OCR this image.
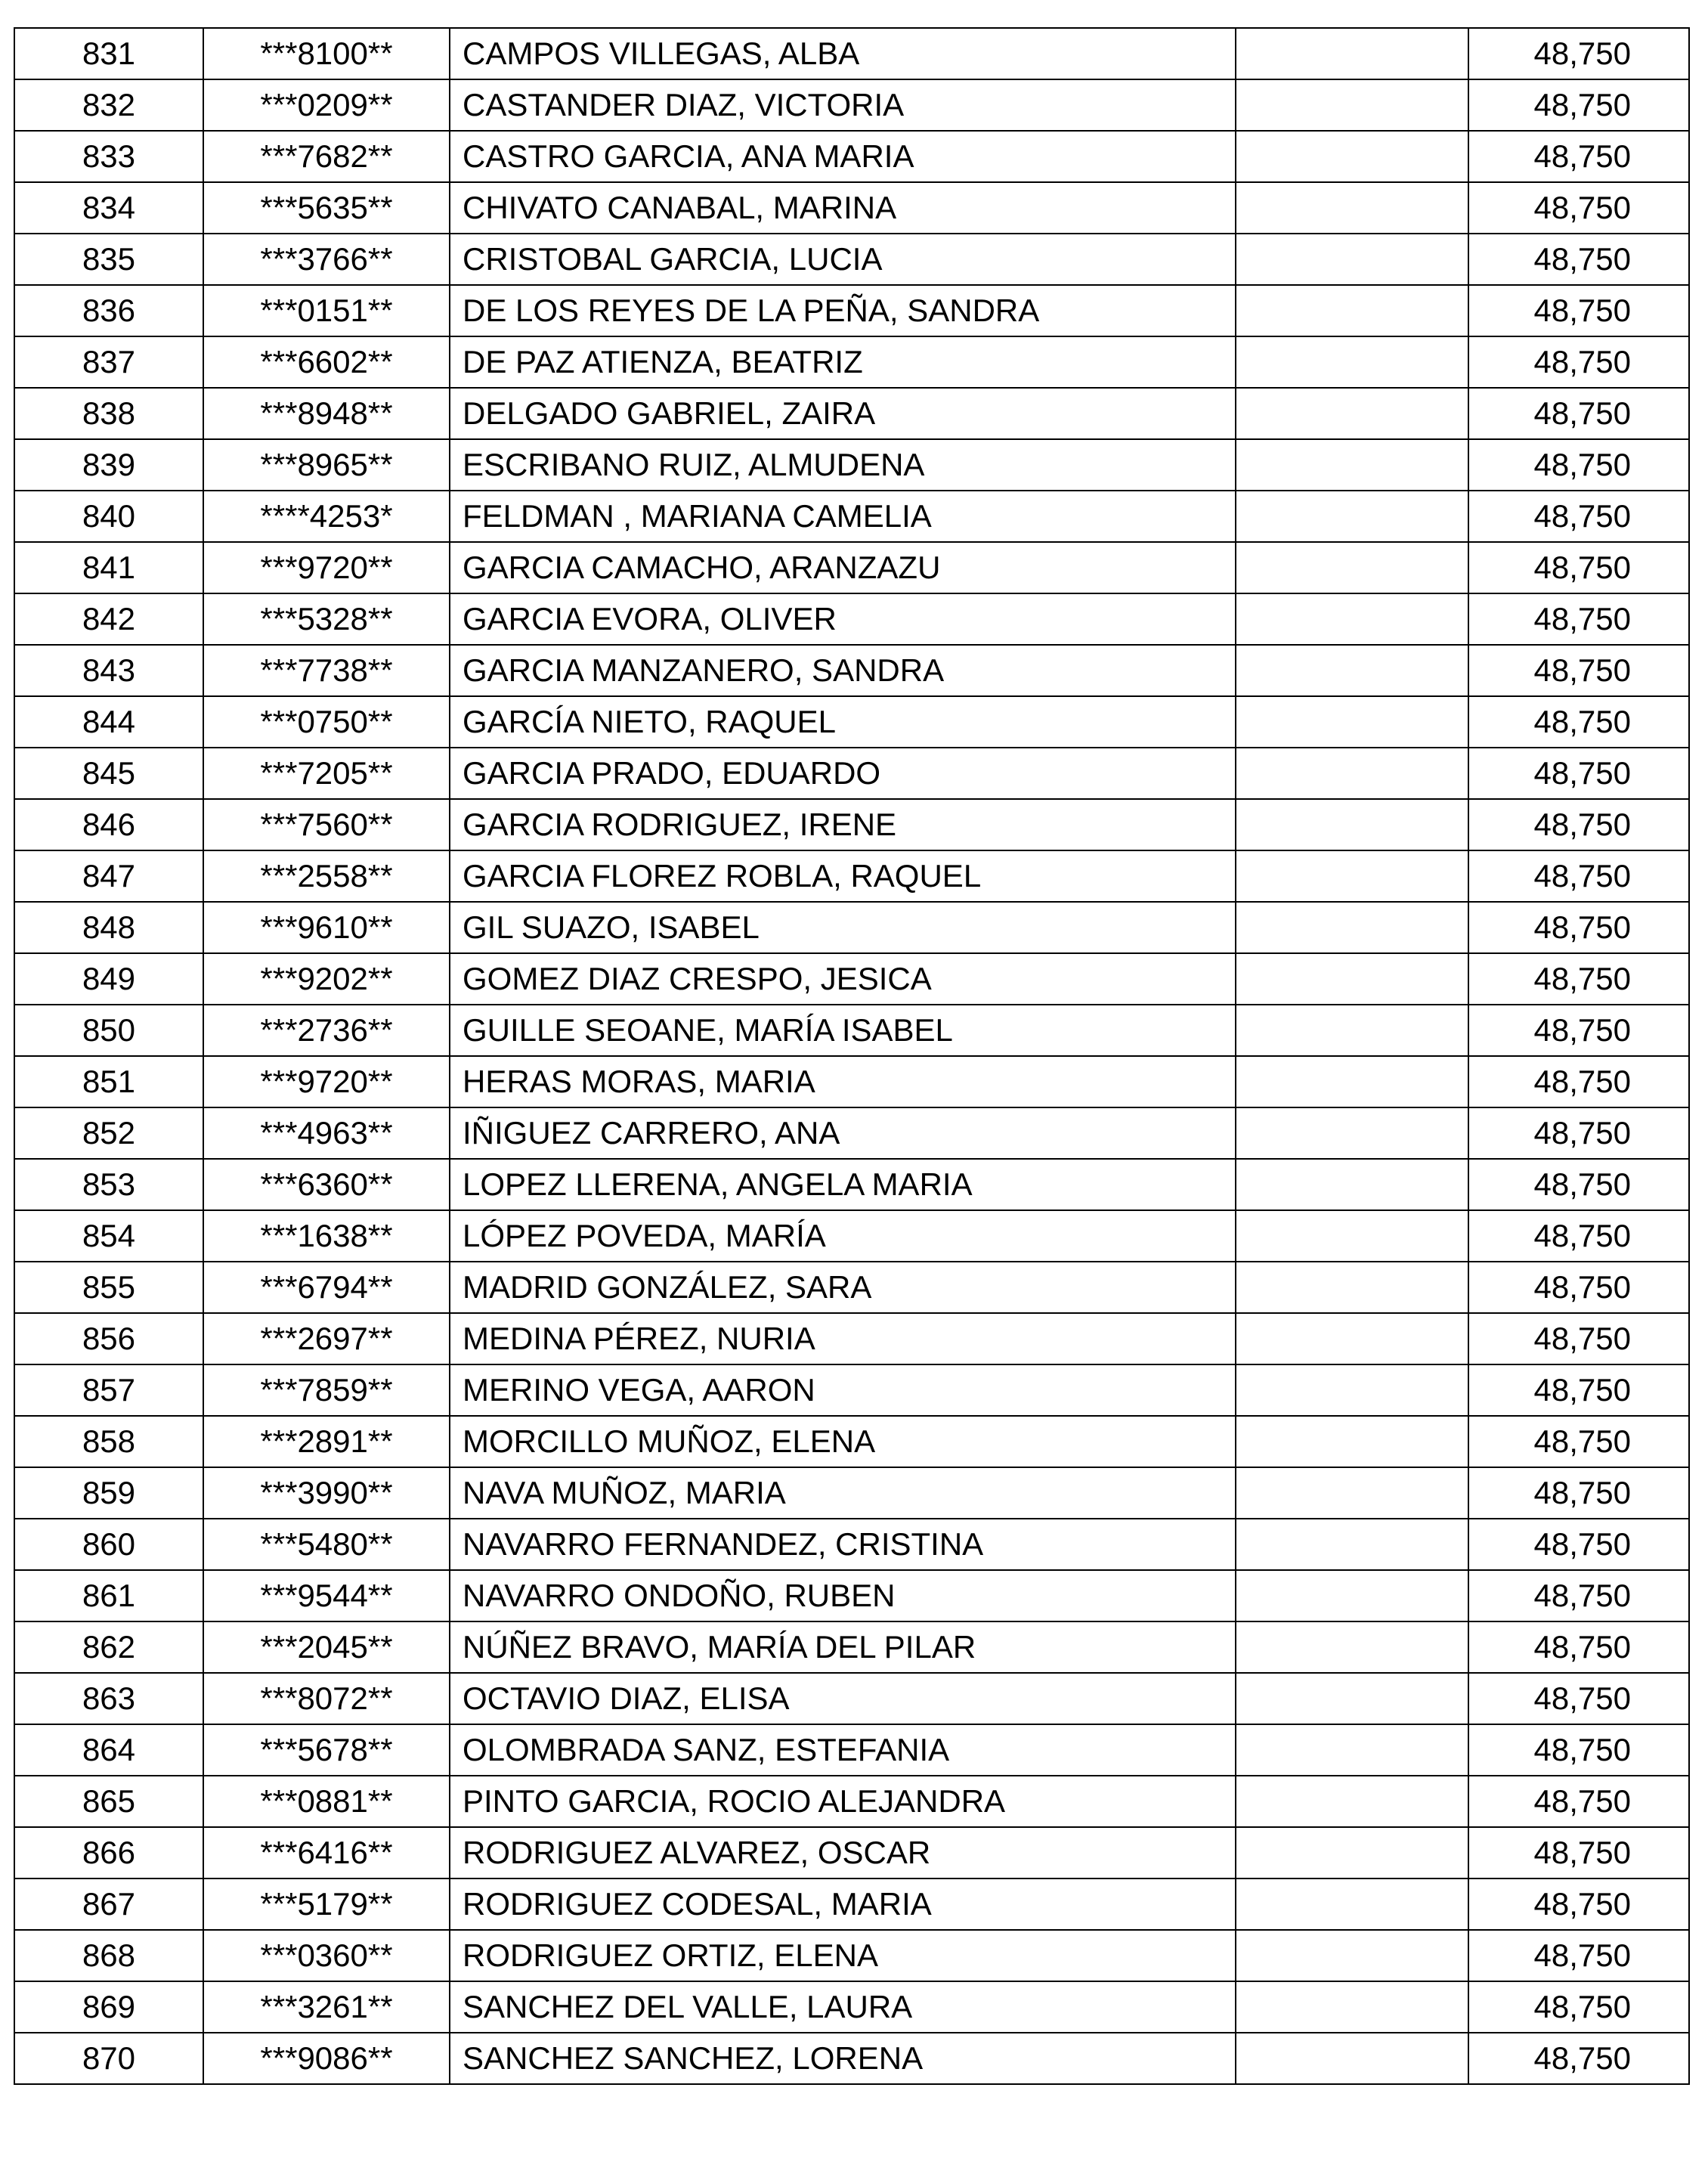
831	***8100**	CAMPOS VILLEGAS, ALBA		48,750
832	***0209**	CASTANDER DIAZ, VICTORIA		48,750
833	***7682**	CASTRO GARCIA, ANA MARIA		48,750
834	***5635**	CHIVATO CANABAL, MARINA		48,750
835	***3766**	CRISTOBAL GARCIA, LUCIA		48,750
836	***0151**	DE LOS REYES DE LA PEÑA, SANDRA		48,750
837	***6602**	DE PAZ ATIENZA, BEATRIZ		48,750
838	***8948**	DELGADO GABRIEL, ZAIRA		48,750
839	***8965**	ESCRIBANO RUIZ, ALMUDENA		48,750
840	****4253*	FELDMAN , MARIANA CAMELIA		48,750
841	***9720**	GARCIA CAMACHO, ARANZAZU		48,750
842	***5328**	GARCIA EVORA, OLIVER		48,750
843	***7738**	GARCIA MANZANERO, SANDRA		48,750
844	***0750**	GARCÍA NIETO, RAQUEL		48,750
845	***7205**	GARCIA PRADO, EDUARDO		48,750
846	***7560**	GARCIA RODRIGUEZ, IRENE		48,750
847	***2558**	GARCIA FLOREZ ROBLA, RAQUEL		48,750
848	***9610**	GIL SUAZO, ISABEL		48,750
849	***9202**	GOMEZ DIAZ CRESPO, JESICA		48,750
850	***2736**	GUILLE SEOANE, MARÍA ISABEL		48,750
851	***9720**	HERAS MORAS, MARIA		48,750
852	***4963**	IÑIGUEZ CARRERO, ANA		48,750
853	***6360**	LOPEZ LLERENA, ANGELA MARIA		48,750
854	***1638**	LÓPEZ POVEDA, MARÍA		48,750
855	***6794**	MADRID GONZÁLEZ, SARA		48,750
856	***2697**	MEDINA PÉREZ, NURIA		48,750
857	***7859**	MERINO VEGA, AARON		48,750
858	***2891**	MORCILLO MUÑOZ, ELENA		48,750
859	***3990**	NAVA MUÑOZ, MARIA		48,750
860	***5480**	NAVARRO FERNANDEZ, CRISTINA		48,750
861	***9544**	NAVARRO ONDOÑO, RUBEN		48,750
862	***2045**	NÚÑEZ BRAVO, MARÍA DEL PILAR		48,750
863	***8072**	OCTAVIO DIAZ, ELISA		48,750
864	***5678**	OLOMBRADA SANZ, ESTEFANIA		48,750
865	***0881**	PINTO GARCIA, ROCIO ALEJANDRA		48,750
866	***6416**	RODRIGUEZ ALVAREZ, OSCAR		48,750
867	***5179**	RODRIGUEZ CODESAL, MARIA		48,750
868	***0360**	RODRIGUEZ ORTIZ, ELENA		48,750
869	***3261**	SANCHEZ DEL VALLE, LAURA		48,750
870	***9086**	SANCHEZ SANCHEZ, LORENA		48,750
